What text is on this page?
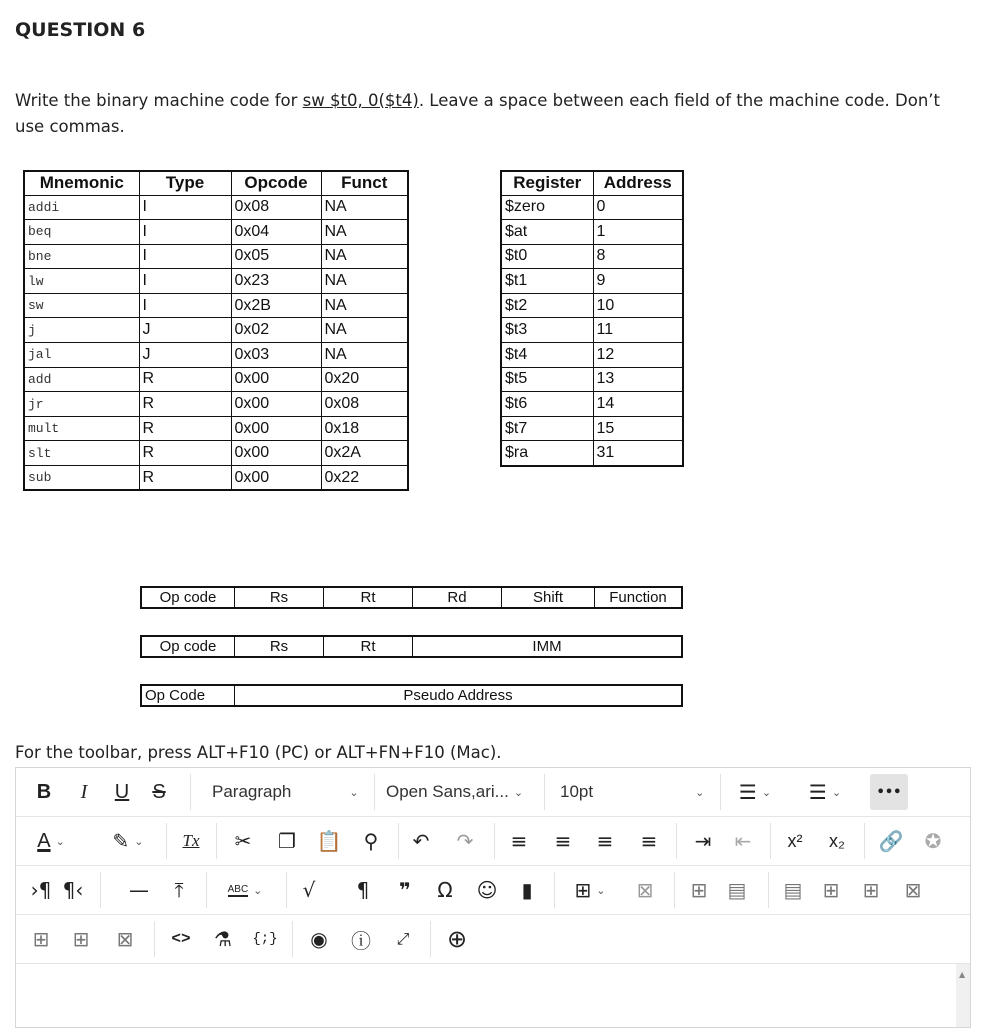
QUESTION 6
Write the binary machine code for sw $t0, 0($t4). Leave a space between each field of the machine code. Don’t use commas.
Mnemonic	Type	Opcode	Funct
addi	I	0x08	NA
beq	I	0x04	NA
bne	I	0x05	NA
lw	I	0x23	NA
sw	I	0x2B	NA
j	J	0x02	NA
jal	J	0x03	NA
add	R	0x00	0x20
jr	R	0x00	0x08
mult	R	0x00	0x18
slt	R	0x00	0x2A
sub	R	0x00	0x22
Register	Address
$zero	0
$at	1
$t0	8
$t1	9
$t2	10
$t3	11
$t4	12
$t5	13
$t6	14
$t7	15
$ra	31
Op code	Rs	Rt	Rd	Shift	Function
Op code	Rs	Rt	IMM
Op Code	Pseudo Address
For the toolbar, press ALT+F10 (PC) or ALT+FN+F10 (Mac).
B	I	U	S	Paragraph	⌄ Open Sans,ari... ⌄ 10pt	⌄ ☰ ⌄ ☰ ⌄	•••
A ⌄ ✎ ⌄	Tx	✂ ❐ 📋 ⚲ ↶ ↷ ≡ ≡ ≡ ≡ ⇥ ⇤	x²	x₂	🔗 ✪
›¶ ¶‹ — ⤒	ABC ⌄ √	¶	❞	Ω	☺ ▮ ⊞ ⌄ ⊠ ⊞ ▤ ▤ ⊞ ⊞ ⊠
⊞ ⊞ ⊠	<> ⚗	{;} ◉ ⓘ ⤢ ⊕
▲
